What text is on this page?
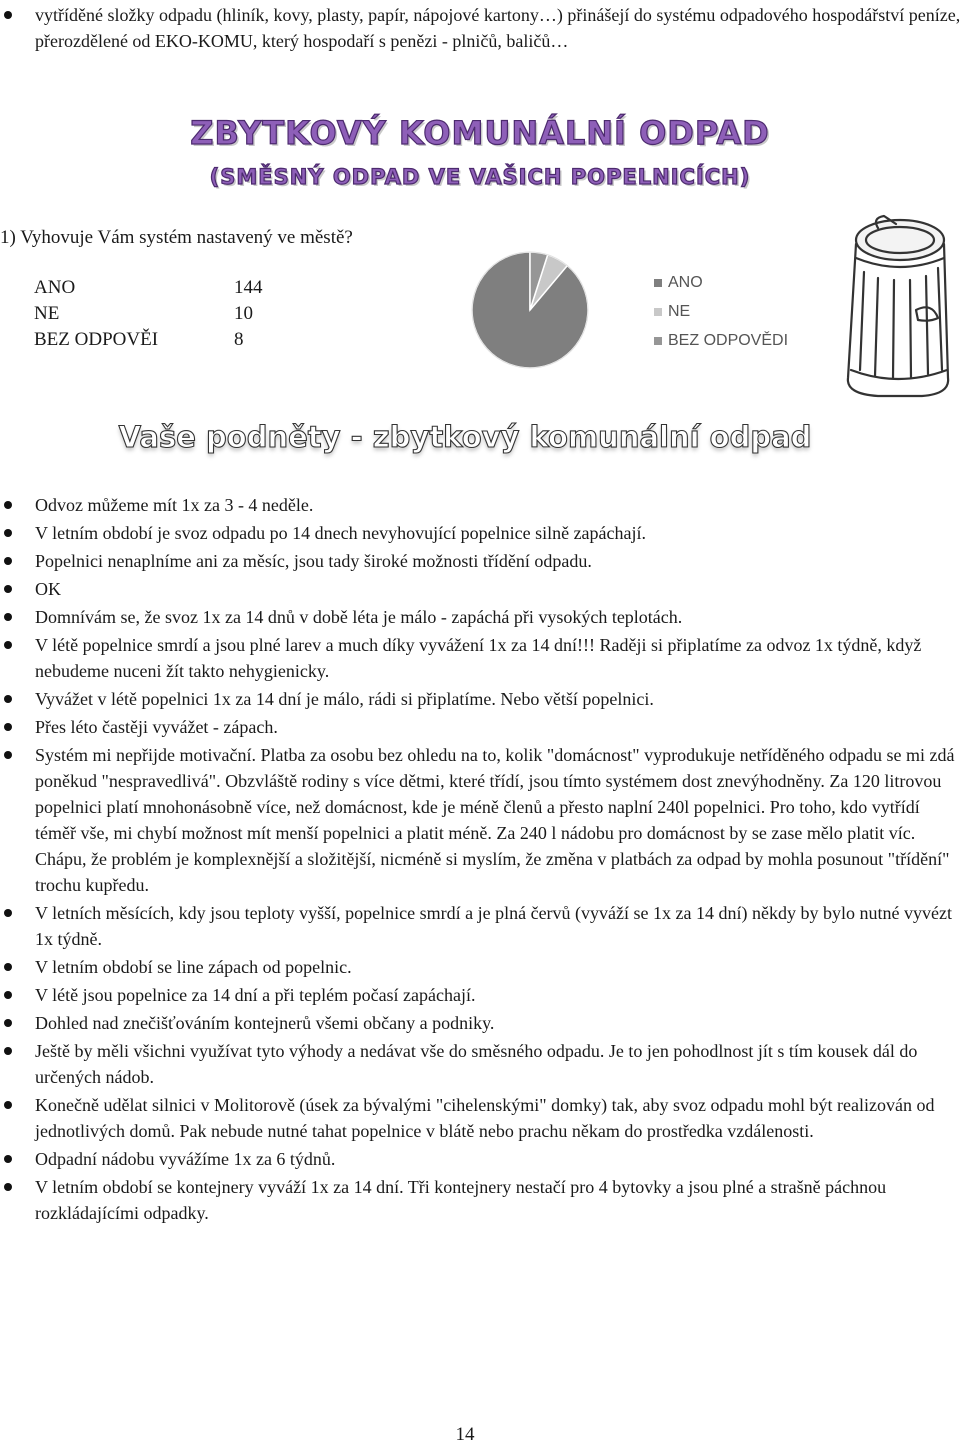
vytříděné složky odpadu (hliník, kovy, plasty, papír, nápojové kartony…) přinášejí do systému odpadového hospodářství peníze, přerozdělené od EKO-KOMU, který hospodaří s penězi - plničů, baličů…
ZBYTKOVÝ KOMUNÁLNÍ ODPAD
(SMĚSNÝ ODPAD VE VAŠICH POPELNICÍCH)
1) Vyhovuje Vám systém nastavený ve městě?
ANO	144
NE	10
BEZ ODPOVĚI	8
ANO
NE
BEZ ODPOVĚDI
Vaše podněty - zbytkový komunální odpad
Odvoz můžeme mít 1x za 3 - 4 neděle.
V letním období je svoz odpadu po 14 dnech nevyhovující popelnice silně zapáchají.
Popelnici nenaplníme ani za měsíc, jsou tady široké možnosti třídění odpadu.
OK
Domnívám se, že svoz 1x za 14 dnů v době léta je málo - zapáchá při vysokých teplotách.
V létě popelnice smrdí a jsou plné larev a much díky vyvážení 1x za 14 dní!!! Raději si připlatíme za odvoz 1x týdně, když nebudeme nuceni žít takto nehygienicky.
Vyvážet v létě popelnici 1x za 14 dní je málo, rádi si připlatíme. Nebo větší popelnici.
Přes léto častěji vyvážet - zápach.
Systém mi nepřijde motivační. Platba za osobu bez ohledu na to, kolik "domácnost" vyprodukuje netříděného odpadu se mi zdá poněkud "nespravedlivá". Obzvláště rodiny s více dětmi, které třídí, jsou tímto systémem dost znevýhodněny. Za 120 litrovou popelnici platí mnohonásobně více, než domácnost, kde je méně členů a přesto naplní 240l popelnici. Pro toho, kdo vytřídí téměř vše, mi chybí možnost mít menší popelnici a platit méně. Za 240 l nádobu pro domácnost by se zase mělo platit víc. Chápu, že problém je komplexnější a složitější, nicméně si myslím, že změna v platbách za odpad by mohla posunout "třídění" trochu kupředu.
V letních měsících, kdy jsou teploty vyšší, popelnice smrdí a je plná červů (vyváží se 1x za 14 dní) někdy by bylo nutné vyvézt 1x týdně.
V letním období se line zápach od popelnic.
V létě jsou popelnice za 14 dní a při teplém počasí zapáchají.
Dohled nad znečišťováním kontejnerů všemi občany a podniky.
Ještě by měli všichni využívat tyto výhody a nedávat vše do směsného odpadu. Je to jen pohodlnost jít s tím kousek dál do určených nádob.
Konečně udělat silnici v Molitorově (úsek za bývalými "cihelenskými" domky) tak, aby svoz odpadu mohl být realizován od jednotlivých domů. Pak nebude nutné tahat popelnice v blátě nebo prachu někam do prostředka vzdálenosti.
Odpadní nádobu vyvážíme 1x za 6 týdnů.
V letním období se kontejnery vyváží 1x za 14 dní. Tři kontejnery nestačí pro 4 bytovky a jsou plné a strašně páchnou rozkládajícími odpadky.
14
